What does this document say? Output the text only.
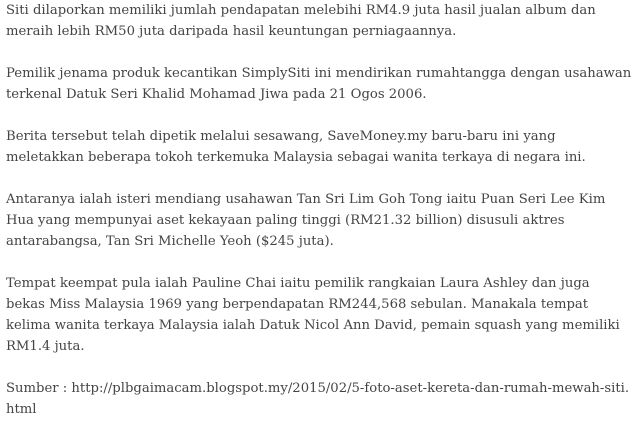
Siti dilaporkan memiliki jumlah pendapatan melebihi RM4.9 juta hasil jualan album dan meraih lebih RM50 juta daripada hasil keuntungan perniagaannya.

Pemilik jenama produk kecantikan SimplySiti ini mendirikan rumahtangga dengan usahawan terkenal Datuk Seri Khalid Mohamad Jiwa pada 21 Ogos 2006.

Berita tersebut telah dipetik melalui sesawang, SaveMoney.my baru-baru ini yang meletakkan beberapa tokoh terkemuka Malaysia sebagai wanita terkaya di negara ini.

Antaranya ialah isteri mendiang usahawan Tan Sri Lim Goh Tong iaitu Puan Seri Lee Kim Hua yang mempunyai aset kekayaan paling tinggi (RM21.32 billion) disusuli aktres antarabangsa, Tan Sri Michelle Yeoh ($245 juta).

Tempat keempat pula ialah Pauline Chai iaitu pemilik rangkaian Laura Ashley dan juga bekas Miss Malaysia 1969 yang berpendapatan RM244,568 sebulan. Manakala tempat kelima wanita terkaya Malaysia ialah Datuk Nicol Ann David, pemain squash yang memiliki RM1.4 juta.

Sumber : http://plbgaimacam.blogspot.my/2015/02/5-foto-aset-kereta-dan-rumah-mewah-siti.html
